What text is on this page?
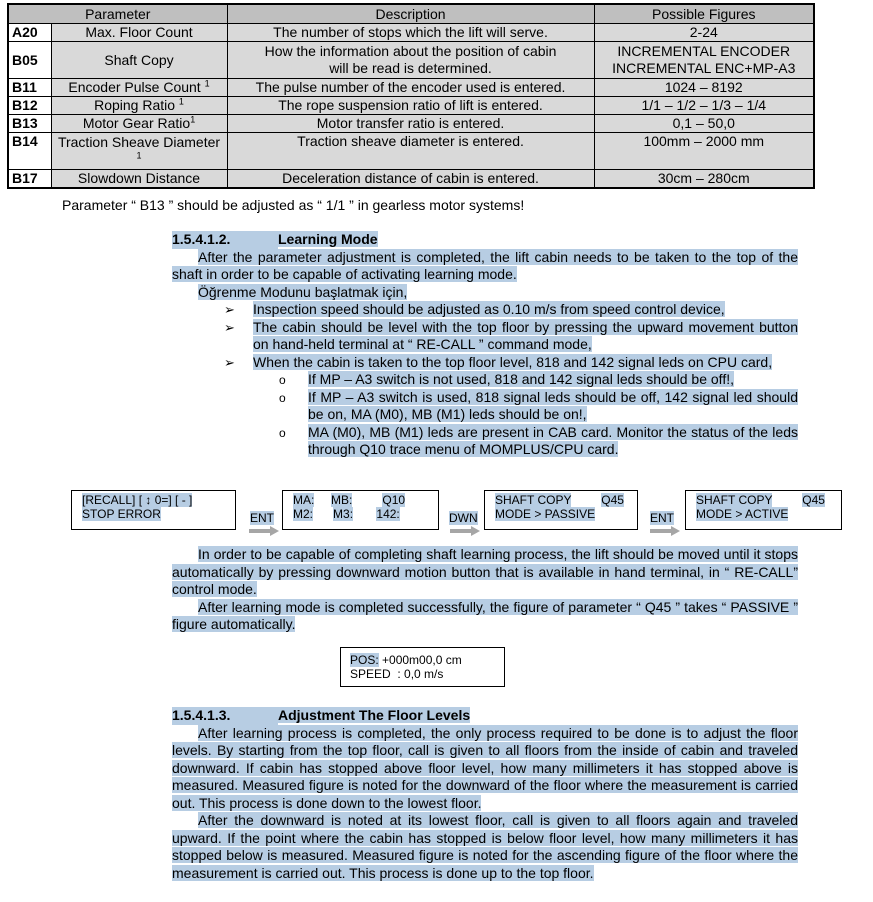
Parameter		Description	Possible Figures
A20	Max. Floor Count	The number of stops which the lift will serve.	2-24
B05	Shaft Copy	How the information about the position of cabin will be read is determined.	INCREMENTAL ENCODER INCREMENTAL ENC+MP-A3
B11	Encoder Pulse Count $^1$	The pulse number of the encoder used is entered.	1024 – 8192
B12	Roping Ratio $^1$	The rope suspension ratio of lift is entered.	1/1 – 1/2 – 1/3 – 1/4
B13	Motor Gear Ratio$^1$	Motor transfer ratio is entered.	0,1 – 50,0
B14	Traction Sheave Diameter $^1$	Traction sheave diameter is entered.	100mm – 2000 mm
B17	Slowdown Distance	Deceleration distance of cabin is entered.	30cm – 280cm
Parameter “ B13 ” should be adjusted as “ 1/1 ” in gearless motor systems!
1.5.4.1.2.	Learning Mode
After the parameter adjustment is completed, the lift cabin needs to be taken to the top of the shaft in order to be capable of activating learning mode.
Öğrenme Modunu başlatmak için,
➢ Inspection speed should be adjusted as 0.10 m/s from speed control device,
➢ The cabin should be level with the top floor by pressing the upward movement button on hand-held terminal at “ RE-CALL ” command mode,
➢ When the cabin is taken to the top floor level, 818 and 142 signal leds on CPU card,
o If MP – A3 switch is not used, 818 and 142 signal leds should be off!,
o If MP – A3 switch is used, 818 signal leds should be off, 142 signal led should be on, MA (M0), MB (M1) leds should be on!,
o MA (M0), MB (M1) leds are present in CAB card. Monitor the status of the leds through Q10 trace menu of MOMPLUS/CPU card.
[RECALL] [ ↕ 0=] [ - ]
STOP ERROR	ENT
MA: MB:	Q10
M2: M3: 142:	DWN
SHAFT COPY	Q45
MODE > PASSIVE	ENT
SHAFT COPY	Q45
MODE > ACTIVE
In order to be capable of completing shaft learning process, the lift should be moved until it stops automatically by pressing downward motion button that is available in hand terminal, in “ RE-CALL” control mode.
After learning mode is completed successfully, the figure of parameter “ Q45 ” takes “ PASSIVE ” figure automatically.
POS: +000m00,0 cm
SPEED  : 0,0 m/s
1.5.4.1.3.	Adjustment The Floor Levels
After learning process is completed, the only process required to be done is to adjust the floor levels. By starting from the top floor, call is given to all floors from the inside of cabin and traveled downward. If cabin has stopped above floor level, how many millimeters it has stopped above is measured. Measured figure is noted for the downward of the floor where the measurement is carried out. This process is done down to the lowest floor.
After the downward is noted at its lowest floor, call is given to all floors again and traveled upward. If the point where the cabin has stopped is below floor level, how many millimeters it has stopped below is measured. Measured figure is noted for the ascending figure of the floor where the measurement is carried out. This process is done up to the top floor.
